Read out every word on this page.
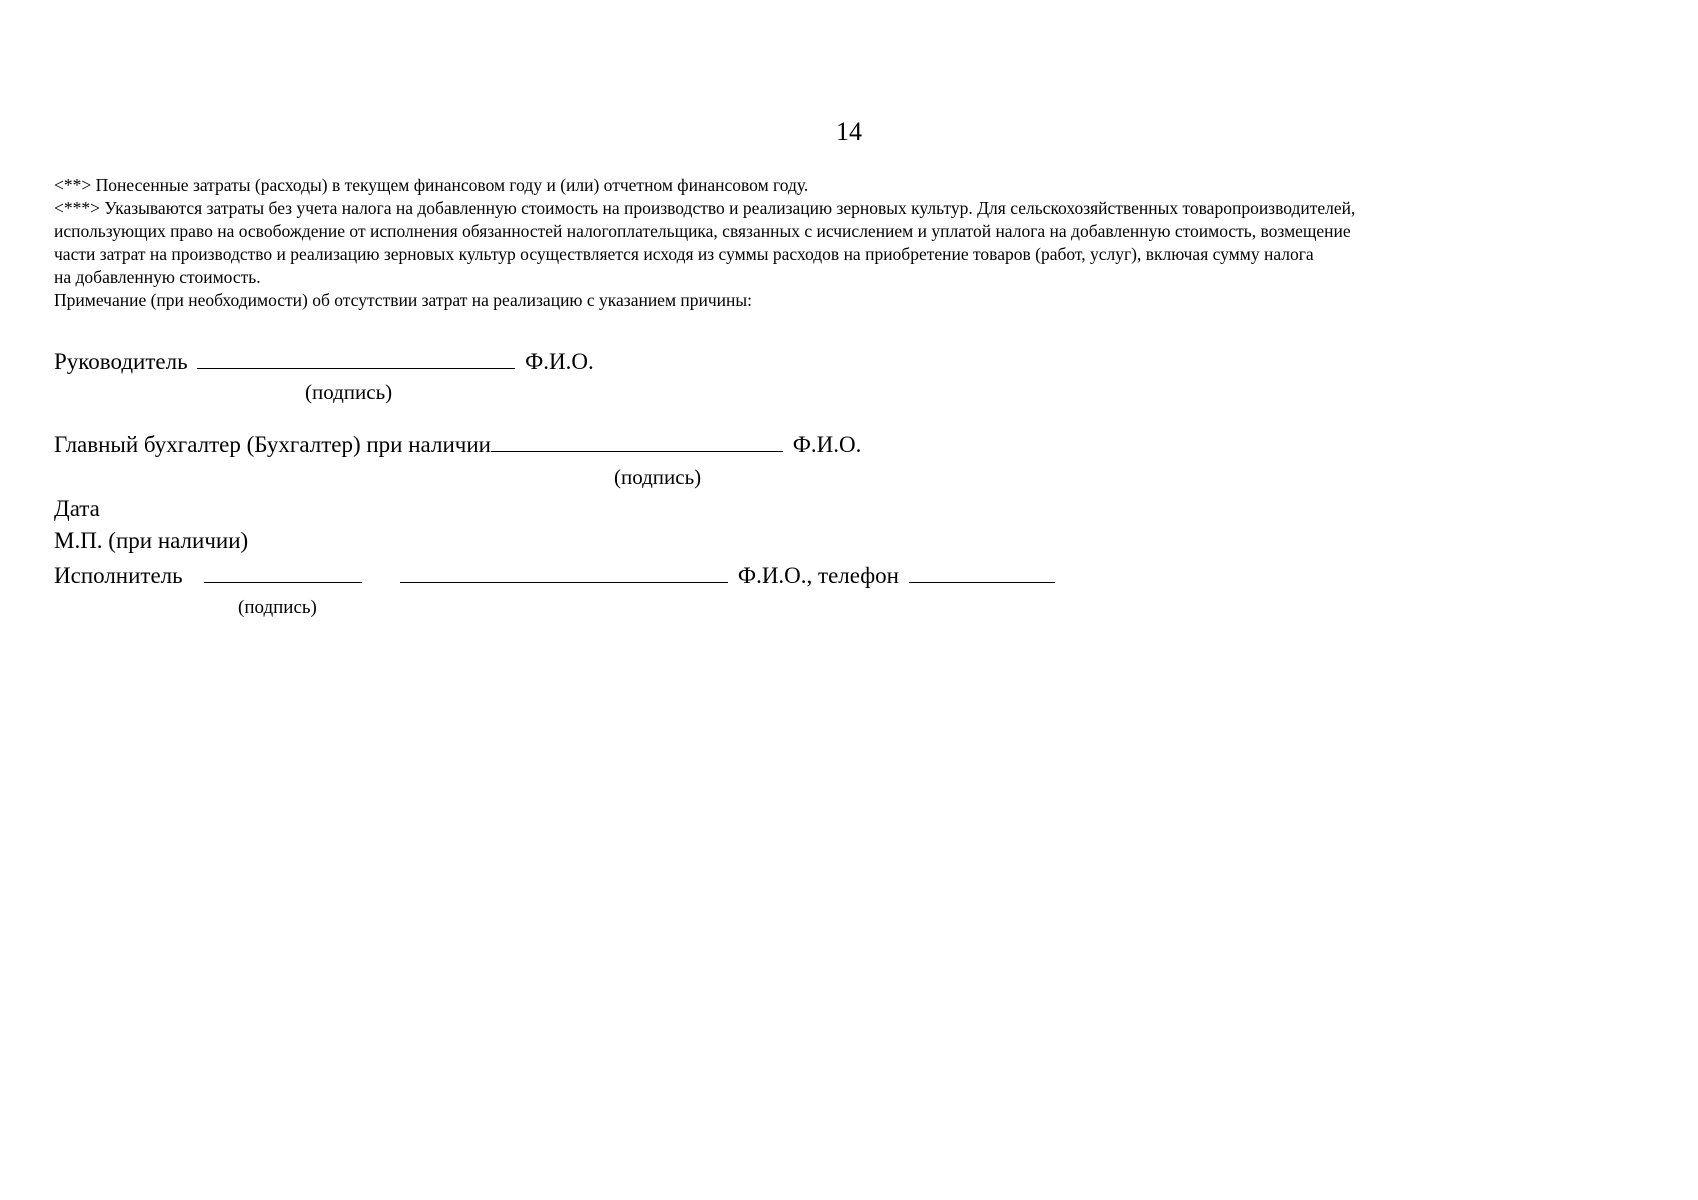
14
<**> Понесенные затраты (расходы) в текущем финансовом году и (или) отчетном финансовом году.
<***> Указываются затраты без учета налога на добавленную стоимость на производство и реализацию зерновых культур. Для сельскохозяйственных товаропроизводителей,
использующих право на освобождение от исполнения обязанностей налогоплательщика, связанных с исчислением и уплатой налога на добавленную стоимость, возмещение
части затрат на производство и реализацию зерновых культур осуществляется исходя из суммы расходов на приобретение товаров (работ, услуг), включая сумму налога
на добавленную стоимость.
Примечание (при необходимости) об отсутствии затрат на реализацию с указанием причины:
Руководитель	Ф.И.О.
(подпись)
Главный бухгалтер (Бухгалтер) при наличии	Ф.И.О.
(подпись)
Дата
М.П. (при наличии)
Исполнитель	Ф.И.О., телефон
(подпись)
